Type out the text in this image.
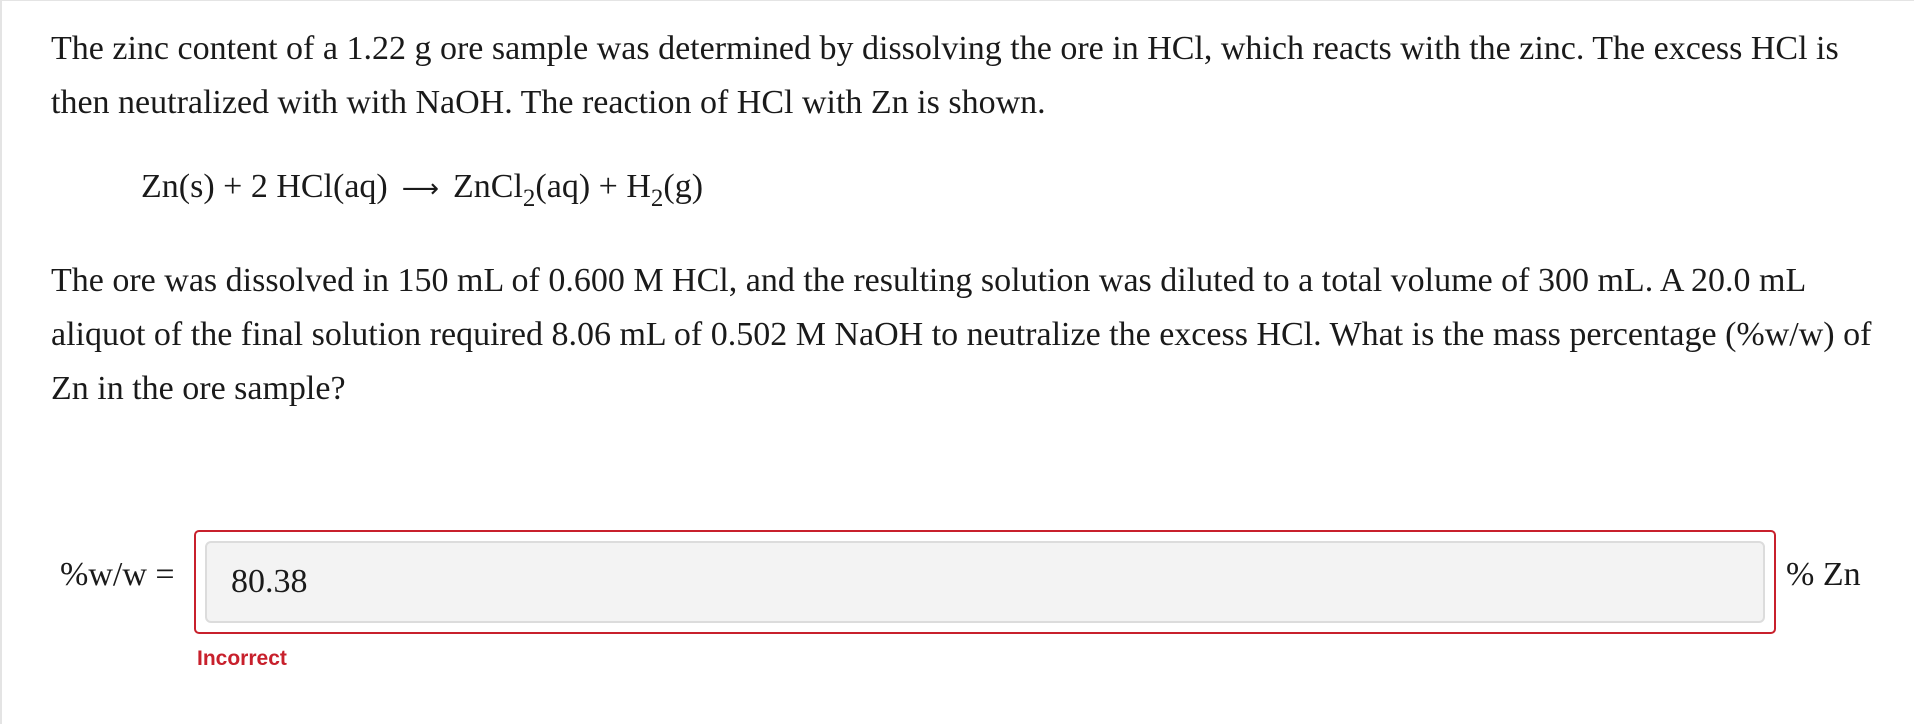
The zinc content of a 1.22 g ore sample was determined by dissolving the ore in HCl, which reacts with the zinc. The excess HCl is then neutralized with with NaOH. The reaction of HCl with Zn is shown.
Zn(s) + 2 HCl(aq) ⟶ ZnCl$_2$ $(aq) + H_2$ (g)
The ore was dissolved in 150 mL of 0.600 M HCl, and the resulting solution was diluted to a total volume of 300 mL. A 20.0 mL aliquot of the final solution required 8.06 mL of 0.502 M NaOH to neutralize the excess HCl. What is the mass percentage (%w/w) of Zn in the ore sample?
%w/w =
80.38	% Zn
Incorrect
